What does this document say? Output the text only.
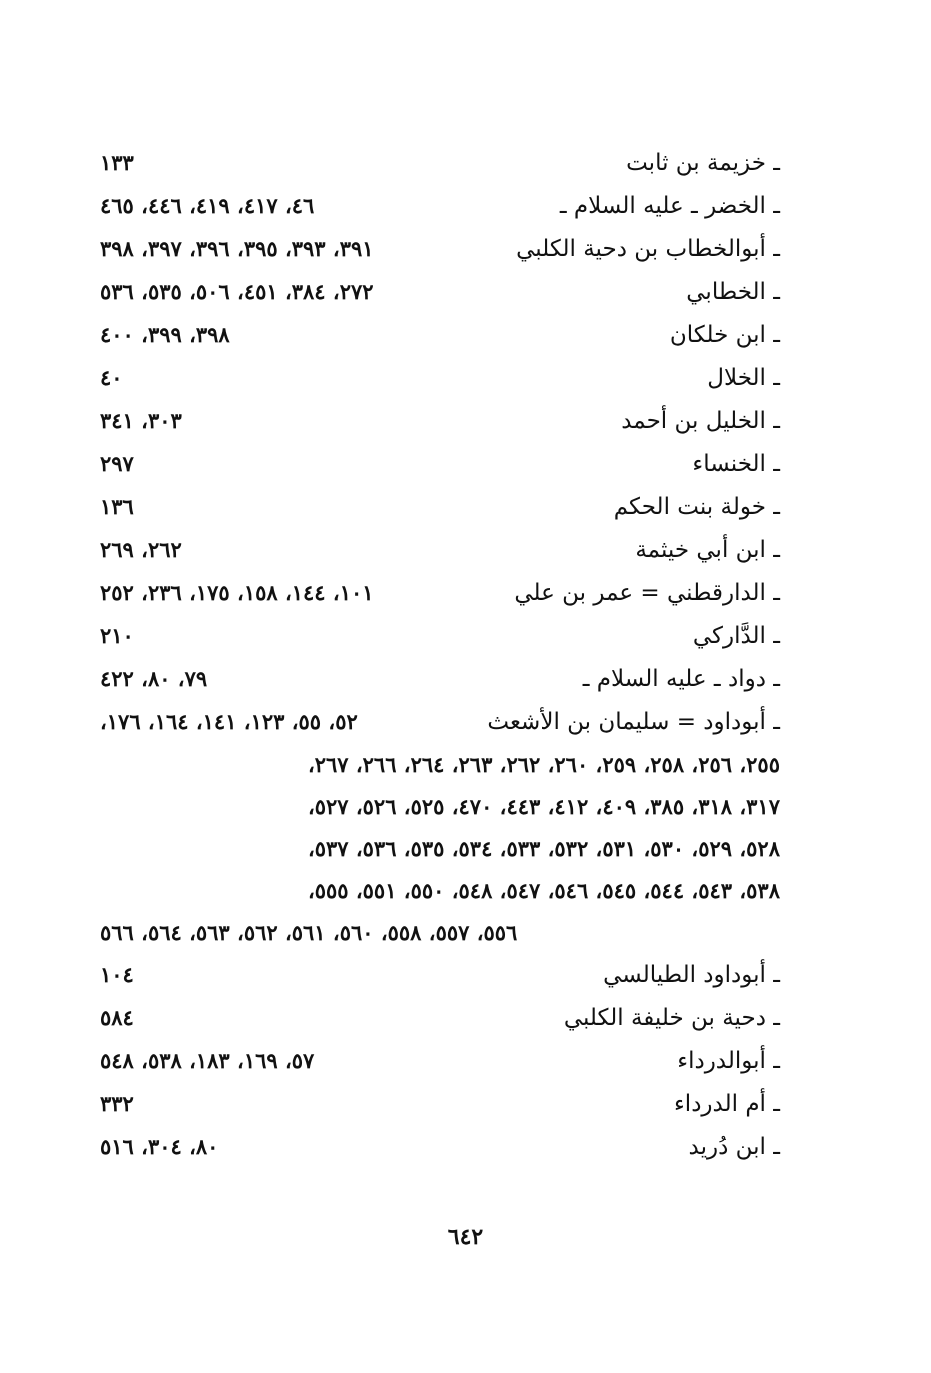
ـ خزيمة بن ثابت
١٣٣
ـ الخضر ـ عليه السلام ـ
٤٦، ٤١٧، ٤١٩، ٤٤٦، ٤٦٥
ـ أبوالخطاب بن دحية الكلبي
٣٩١، ٣٩٣، ٣٩٥، ٣٩٦، ٣٩٧، ٣٩٨
ـ الخطابي
٢٧٢، ٣٨٤، ٤٥١، ٥٠٦، ٥٣٥، ٥٣٦
ـ ابن خلكان
٣٩٨، ٣٩٩، ٤٠٠
ـ الخلال
٤٠
ـ الخليل بن أحمد
٣٠٣، ٣٤١
ـ الخنساء
٢٩٧
ـ خولة بنت الحكم
١٣٦
ـ ابن أبي خيثمة
٢٦٢، ٢٦٩
ـ الدارقطني = عمر بن علي
١٠١، ١٤٤، ١٥٨، ١٧٥، ٢٣٦، ٢٥٢
ـ الدَّاركي
٢١٠
ـ دواد ـ عليه السلام ـ
٧٩، ٨٠، ٤٢٢
ـ أبوداود = سليمان بن الأشعث
٥٢، ٥٥، ١٢٣، ١٤١، ١٦٤، ١٧٦،
٢٥٥، ٢٥٦، ٢٥٨، ٢٥٩، ٢٦٠، ٢٦٢، ٢٦٣، ٢٦٤، ٢٦٦، ٢٦٧،
٣١٧، ٣١٨، ٣٨٥، ٤٠٩، ٤١٢، ٤٤٣، ٤٧٠، ٥٢٥، ٥٢٦، ٥٢٧،
٥٢٨، ٥٢٩، ٥٣٠، ٥٣١، ٥٣٢، ٥٣٣، ٥٣٤، ٥٣٥، ٥٣٦، ٥٣٧،
٥٣٨، ٥٤٣، ٥٤٤، ٥٤٥، ٥٤٦، ٥٤٧، ٥٤٨، ٥٥٠، ٥٥١، ٥٥٥،
٥٥٦، ٥٥٧، ٥٥٨، ٥٦٠، ٥٦١، ٥٦٢، ٥٦٣، ٥٦٤، ٥٦٦
ـ أبوداود الطيالسي
١٠٤
ـ دحية بن خليفة الكلبي
٥٨٤
ـ أبوالدرداء
٥٧، ١٦٩، ١٨٣، ٥٣٨، ٥٤٨
ـ أم الدرداء
٣٣٢
ـ ابن دُريد
٨٠، ٣٠٤، ٥١٦
٦٤٢
